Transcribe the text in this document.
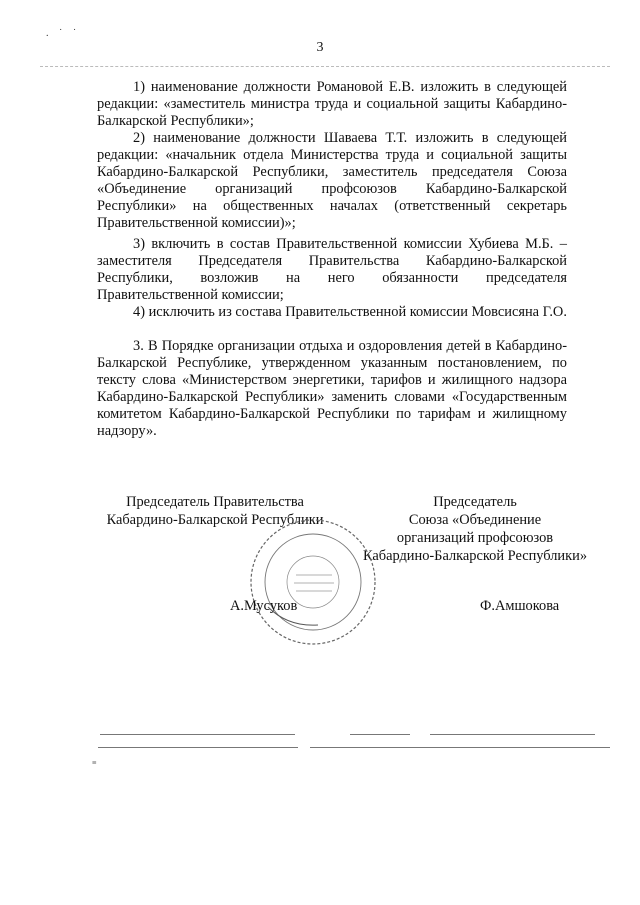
. ˙ ˙
3

1) наименование должности Романовой Е.В. изложить в следующей редакции: «заместитель министра труда и социальной защиты Кабардино-Балкарской Республики»;

2) наименование должности Шаваева Т.Т. изложить в следующей редакции: «начальник отдела Министерства труда и социальной защиты Кабардино-Балкарской Республики, заместитель председателя Союза «Объединение организаций профсоюзов Кабардино-Балкарской Республики» на общественных началах (ответственный секретарь Правительственной комиссии)»;

3) включить в состав Правительственной комиссии Хубиева М.Б. – заместителя Председателя Правительства Кабардино-Балкарской Республики, возложив на него обязанности председателя Правительственной комиссии;

4) исключить из состава Правительственной комиссии Мовсисяна Г.О.

3. В Порядке организации отдыха и оздоровления детей в Кабардино-Балкарской Республике, утвержденном указанным постановлением, по тексту слова «Министерством энергетики, тарифов и жилищного надзора Кабардино-Балкарской Республики» заменить словами «Государственным комитетом Кабардино-Балкарской Республики по тарифам и жилищному надзору».

Председатель Правительства
Кабардино-Балкарской Республики
Председатель
Союза «Объединение
организаций профсоюзов
Кабардино-Балкарской Республики»
А.Мусуков	Ф.Амшокова
≡
